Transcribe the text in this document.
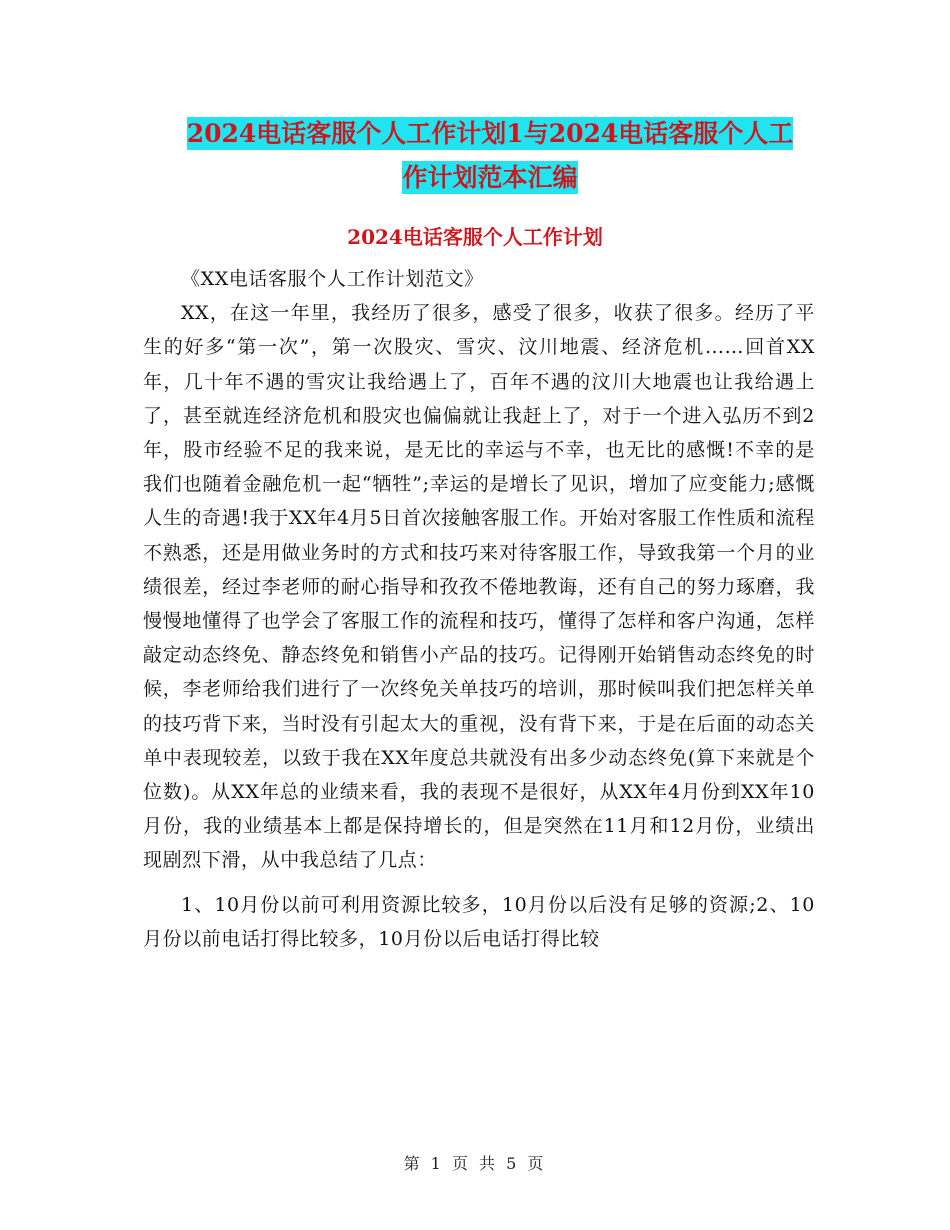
2024电话客服个人工作计划1与2024电话客服个人工
作计划范本汇编
2024电话客服个人工作计划

《XX电话客服个人工作计划范文》

XX，在这一年里，我经历了很多，感受了很多，收获了很多。经历了平生的好多“第一次”，第一次股灾、雪灾、汶川地震、经济危机……回首XX年，几十年不遇的雪灾让我给遇上了，百年不遇的汶川大地震也让我给遇上了，甚至就连经济危机和股灾也偏偏就让我赶上了，对于一个进入弘历不到2年，股市经验不足的我来说，是无比的幸运与不幸，也无比的感慨!不幸的是我们也随着金融危机一起“牺牲”;幸运的是增长了见识，增加了应变能力;感慨人生的奇遇!我于XX年4月5日首次接触客服工作。开始对客服工作性质和流程不熟悉，还是用做业务时的方式和技巧来对待客服工作，导致我第一个月的业绩很差，经过李老师的耐心指导和孜孜不倦地教诲，还有自己的努力琢磨，我慢慢地懂得了也学会了客服工作的流程和技巧，懂得了怎样和客户沟通，怎样敲定动态终免、静态终免和销售小产品的技巧。记得刚开始销售动态终免的时候，李老师给我们进行了一次终免关单技巧的培训，那时候叫我们把怎样关单的技巧背下来，当时没有引起太大的重视，没有背下来，于是在后面的动态关单中表现较差，以致于我在XX年度总共就没有出多少动态终免(算下来就是个位数)。从XX年总的业绩来看，我的表现不是很好，从XX年4月份到XX年10月份，我的业绩基本上都是保持增长的，但是突然在11月和12月份，业绩出现剧烈下滑，从中我总结了几点：

1、10月份以前可利用资源比较多，10月份以后没有足够的资源;2、10月份以前电话打得比较多，10月份以后电话打得比较

第 1 页 共 5 页
